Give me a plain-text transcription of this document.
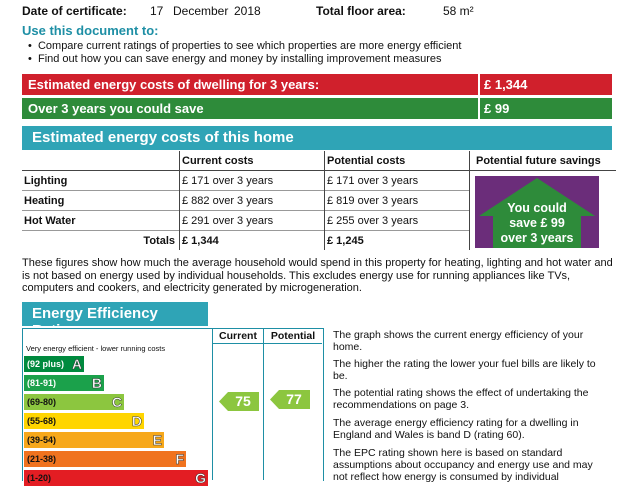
Date of certificate: 17 December 2018	Total floor area:	58 m²
Use this document to:
•  Compare current ratings of properties to see which properties are more energy efficient
•  Find out how you can save energy and money by installing improvement measures
Estimated energy costs of dwelling for 3 years:	£ 1,344
Over 3 years you could save	£ 99
Estimated energy costs of this home
	Current costs	Potential costs	Potential future savings
Lighting	£ 171 over 3 years	£ 171 over 3 years	
Heating	£ 882 over 3 years	£ 819 over 3 years	
Hot Water	£ 291 over 3 years	£ 255 over 3 years	
Totals	£ 1,344	£ 1,245	
You could
save £ 99
over 3 years
These figures show how much the average household would spend in this property for heating, lighting and hot water and is not based on energy used by individual households. This excludes energy use for running appliances like TVs, computers and cookers, and electricity generated by microgeneration.
Energy Efficiency Rating	Current	Potential
Very energy efficient - lower running costs
(92 plus) A
(81-91)	B
(69-80)	C
(55-68)	D
(39-54)	E
(21-38)	F
(1-20)	G
75	77
The graph shows the current energy efficiency of your home.
The higher the rating the lower your fuel bills are likely to be.
The potential rating shows the effect of undertaking the recommendations on page 3.
The average energy efficiency rating for a dwelling in England and Wales is band D (rating 60).
The EPC rating shown here is based on standard assumptions about occupancy and energy use and may not reflect how energy is consumed by individual
